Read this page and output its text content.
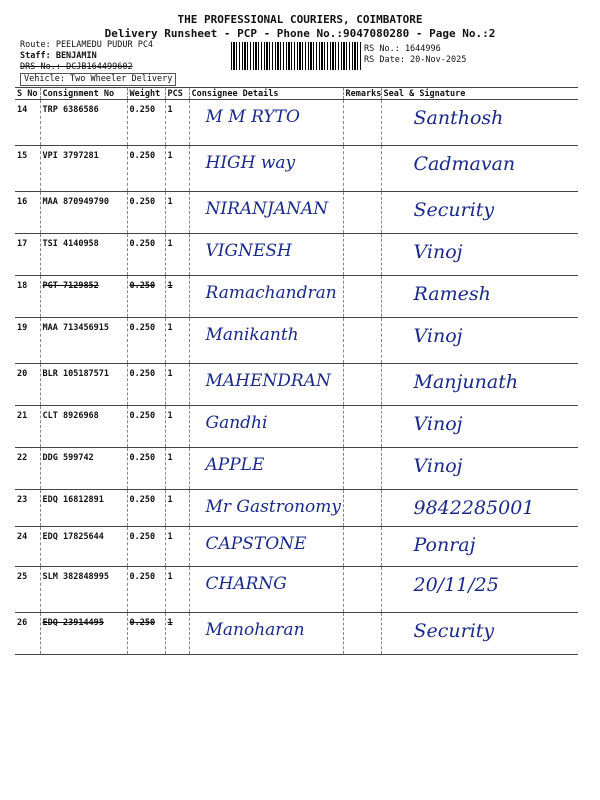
THE PROFESSIONAL COURIERS, COIMBATORE
Delivery Runsheet - PCP - Phone No.:9047080280 - Page No.:2
Route: PEELAMEDU PUDUR PC4
Staff: BENJAMIN
DRS No.: DCJB164499602
Vehicle: Two Wheeler Delivery
RS No.: 1644996
RS Date: 20-Nov-2025
S No	Consignment No	Weight	PCS	Consignee Details	Remarks	Seal & Signature
14	TRP 6386586	0.250	1	M M RYTO		Santhosh

15	VPI 3797281	0.250	1	HIGH way		Cadmavan

16	MAA 870949790	0.250	1	NIRANJANAN		Security

17	TSI 4140958	0.250	1	VIGNESH		Vinoj

18	PGT 7129852	0.250	1	Ramachandran		Ramesh

19	MAA 713456915	0.250	1	Manikanth		Vinoj

20	BLR 105187571	0.250	1	MAHENDRAN		Manjunath

21	CLT 8926968	0.250	1	Gandhi		Vinoj

22	DDG 599742	0.250	1	APPLE		Vinoj

23	EDQ 16812891	0.250	1	Mr Gastronomy		9842285001

24	EDQ 17825644	0.250	1	CAPSTONE		Ponraj

25	SLM 382848995	0.250	1	CHARNG		20/11/25

26	EDQ 23914495	0.250	1	Manoharan		Security
